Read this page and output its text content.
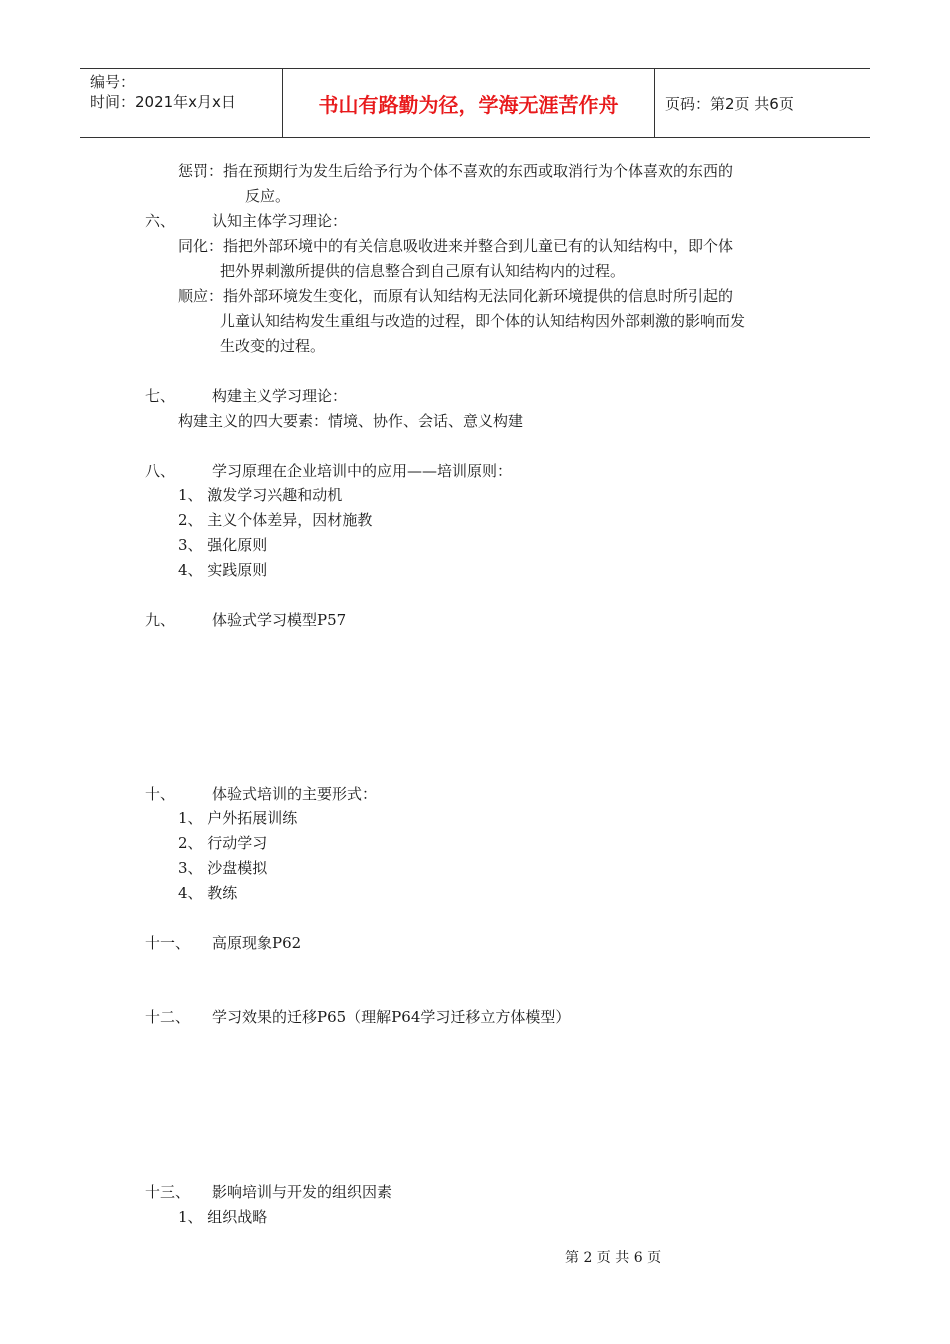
编号：
时间：2021年x月x日	书山有路勤为径，学海无涯苦作舟	页码：第2页 共6页
惩罚：指在预期行为发生后给予行为个体不喜欢的东西或取消行为个体喜欢的东西的
反应。
六、 认知主体学习理论：
同化：指把外部环境中的有关信息吸收进来并整合到儿童已有的认知结构中，即个体
把外界刺激所提供的信息整合到自己原有认知结构内的过程。
顺应：指外部环境发生变化，而原有认知结构无法同化新环境提供的信息时所引起的
儿童认知结构发生重组与改造的过程，即个体的认知结构因外部刺激的影响而发
生改变的过程。
七、 构建主义学习理论：
构建主义的四大要素：情境、协作、会话、意义构建
八、 学习原理在企业培训中的应用——培训原则：
1、 激发学习兴趣和动机
2、 主义个体差异，因材施教
3、 强化原则
4、 实践原则
九、 体验式学习模型P57
十、 体验式培训的主要形式：
1、 户外拓展训练
2、 行动学习
3、 沙盘模拟
4、 教练
十一、 高原现象P62
十二、 学习效果的迁移P65（理解P64学习迁移立方体模型）
十三、 影响培训与开发的组织因素
1、 组织战略
第 2 页 共 6 页
